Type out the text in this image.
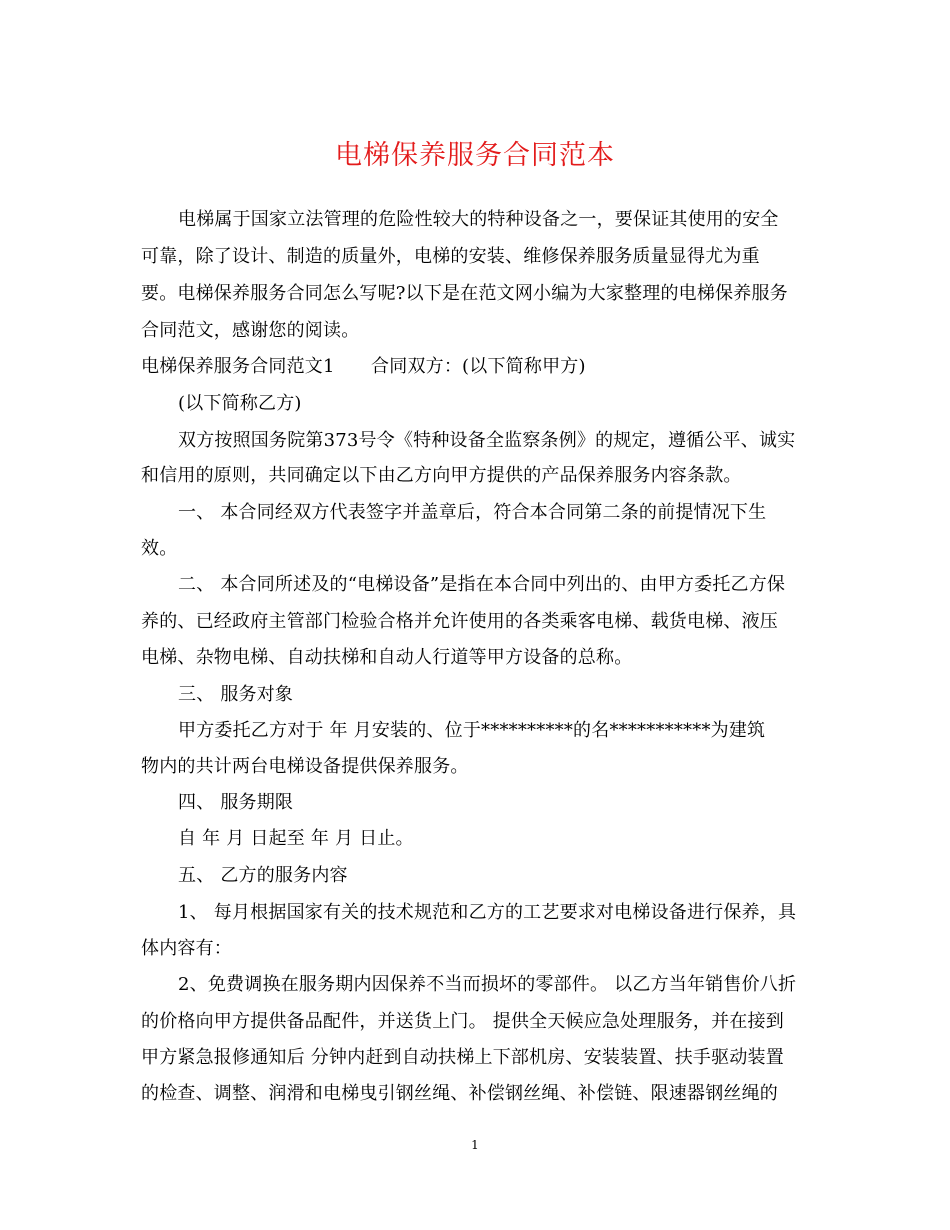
电梯保养服务合同范本
电梯属于国家立法管理的危险性较大的特种设备之一，要保证其使用的安全
可靠，除了设计、制造的质量外，电梯的安装、维修保养服务质量显得尤为重
要。电梯保养服务合同怎么写呢?以下是在范文网小编为大家整理的电梯保养服务
合同范文，感谢您的阅读。
电梯保养服务合同范文1　　合同双方：(以下简称甲方)
(以下简称乙方)
双方按照国务院第373号令《特种设备全监察条例》的规定，遵循公平、诚实
和信用的原则，共同确定以下由乙方向甲方提供的产品保养服务内容条款。
一、 本合同经双方代表签字并盖章后，符合本合同第二条的前提情况下生
效。
二、 本合同所述及的“电梯设备”是指在本合同中列出的、由甲方委托乙方保
养的、已经政府主管部门检验合格并允许使用的各类乘客电梯、载货电梯、液压
电梯、杂物电梯、自动扶梯和自动人行道等甲方设备的总称。
三、 服务对象
甲方委托乙方对于 年 月安装的、位于**********的名***********为建筑
物内的共计两台电梯设备提供保养服务。
四、 服务期限
自 年 月 日起至 年 月 日止。
五、 乙方的服务内容
1、 每月根据国家有关的技术规范和乙方的工艺要求对电梯设备进行保养，具
体内容有：
2、免费调换在服务期内因保养不当而损坏的零部件。 以乙方当年销售价八折
的价格向甲方提供备品配件，并送货上门。 提供全天候应急处理服务，并在接到
甲方紧急报修通知后 分钟内赶到自动扶梯上下部机房、安装装置、扶手驱动装置
的检查、调整、润滑和电梯曳引钢丝绳、补偿钢丝绳、补偿链、限速器钢丝绳的
1
